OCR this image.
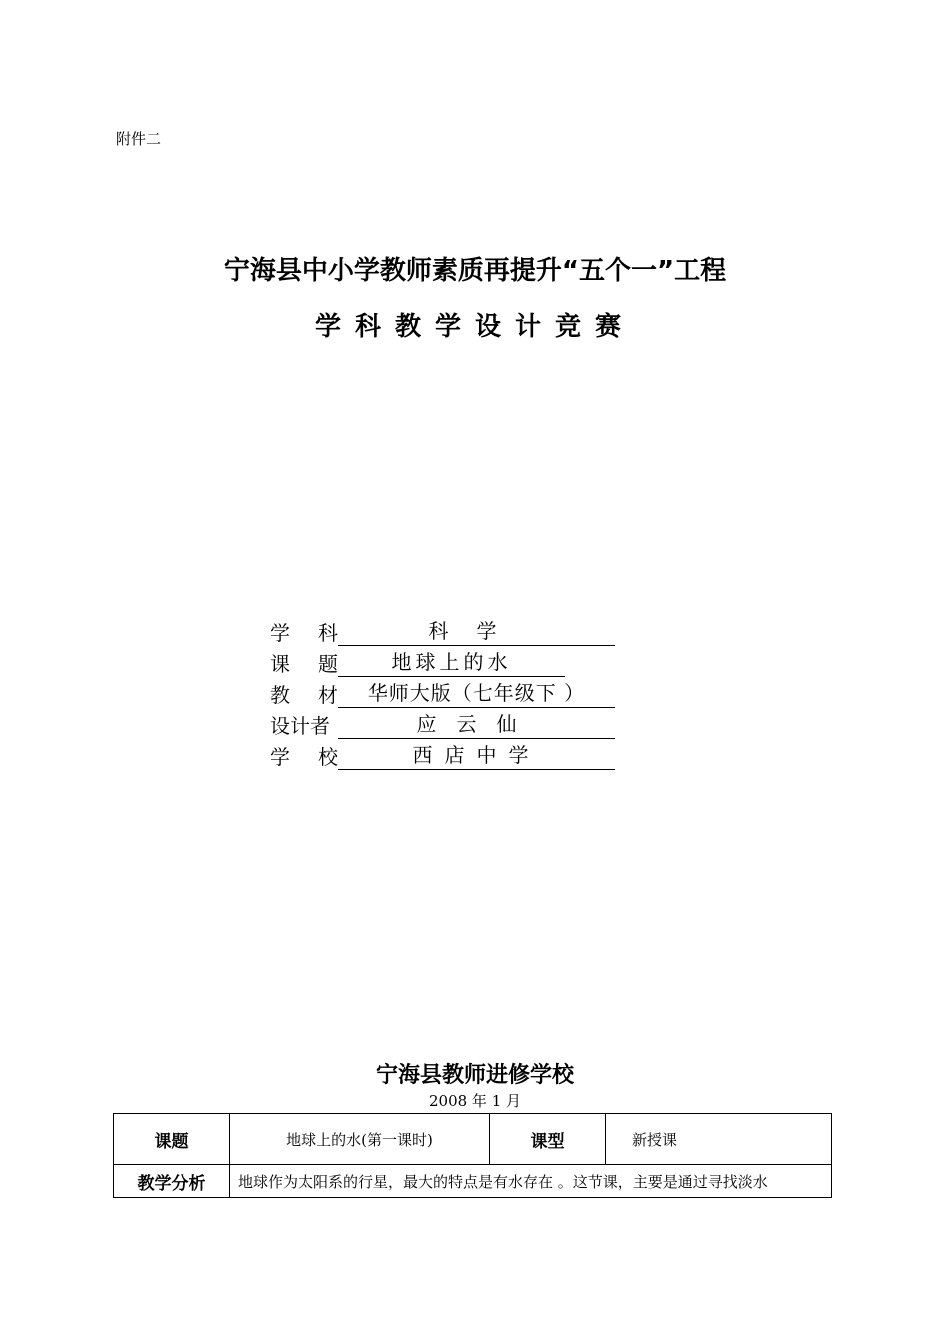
附件二
宁海县中小学教师素质再提升“五个一”工程
学科教学设计竞赛
学 科	科学
课 题	地球上的水
教 材	华师大版（七年级下 ）
设计者	应云仙
学 校	西店中学
宁海县教师进修学校
2008 年 1 月
课题	地球上的水(第一课时)	课型	新授课
教学分析	地球作为太阳系的行星，最大的特点是有水存在 。这节课，主要是通过寻找淡水		
